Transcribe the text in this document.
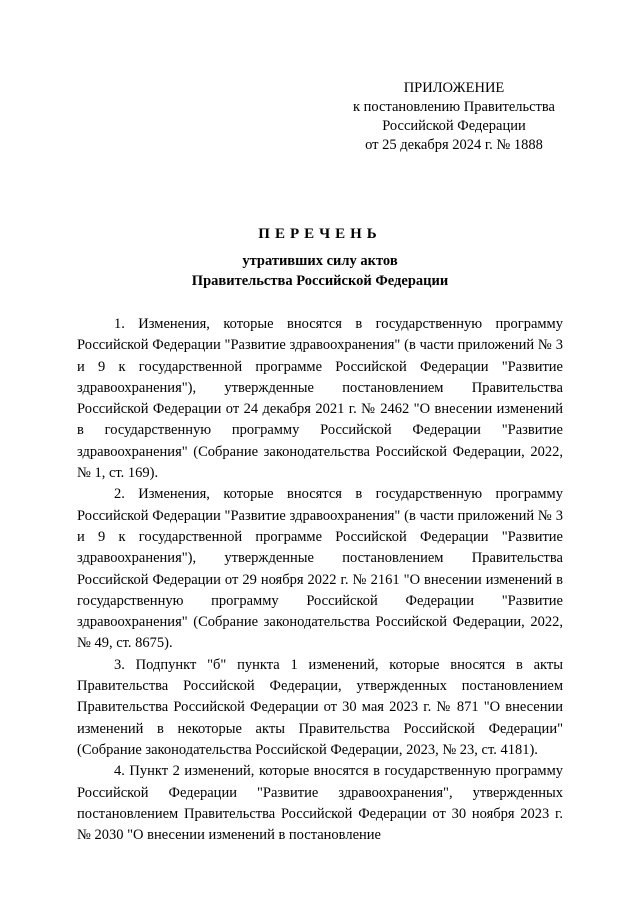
ПРИЛОЖЕНИЕ
к постановлению Правительства
Российской Федерации
от 25 декабря 2024 г. № 1888
ПЕРЕЧЕНЬ
утративших силу актов
Правительства Российской Федерации

1. Изменения, которые вносятся в государственную программу Российской Федерации "Развитие здравоохранения" (в части приложений № 3 и 9 к государственной программе Российской Федерации "Развитие здравоохранения"), утвержденные постановлением Правительства Российской Федерации от 24 декабря 2021 г. № 2462 "О внесении изменений в государственную программу Российской Федерации "Развитие здравоохранения" (Собрание законодательства Российской Федерации, 2022, № 1, ст. 169).

2. Изменения, которые вносятся в государственную программу Российской Федерации "Развитие здравоохранения" (в части приложений № 3 и 9 к государственной программе Российской Федерации "Развитие здравоохранения"), утвержденные постановлением Правительства Российской Федерации от 29 ноября 2022 г. № 2161 "О внесении изменений в государственную программу Российской Федерации "Развитие здравоохранения" (Собрание законодательства Российской Федерации, 2022, № 49, ст. 8675).

3. Подпункт "б" пункта 1 изменений, которые вносятся в акты Правительства Российской Федерации, утвержденных постановлением Правительства Российской Федерации от 30 мая 2023 г. № 871 "О внесении изменений в некоторые акты Правительства Российской Федерации" (Собрание законодательства Российской Федерации, 2023, № 23, ст. 4181).

4. Пункт 2 изменений, которые вносятся в государственную программу Российской Федерации "Развитие здравоохранения", утвержденных постановлением Правительства Российской Федерации от 30 ноября 2023 г. № 2030 "О внесении изменений в постановление
